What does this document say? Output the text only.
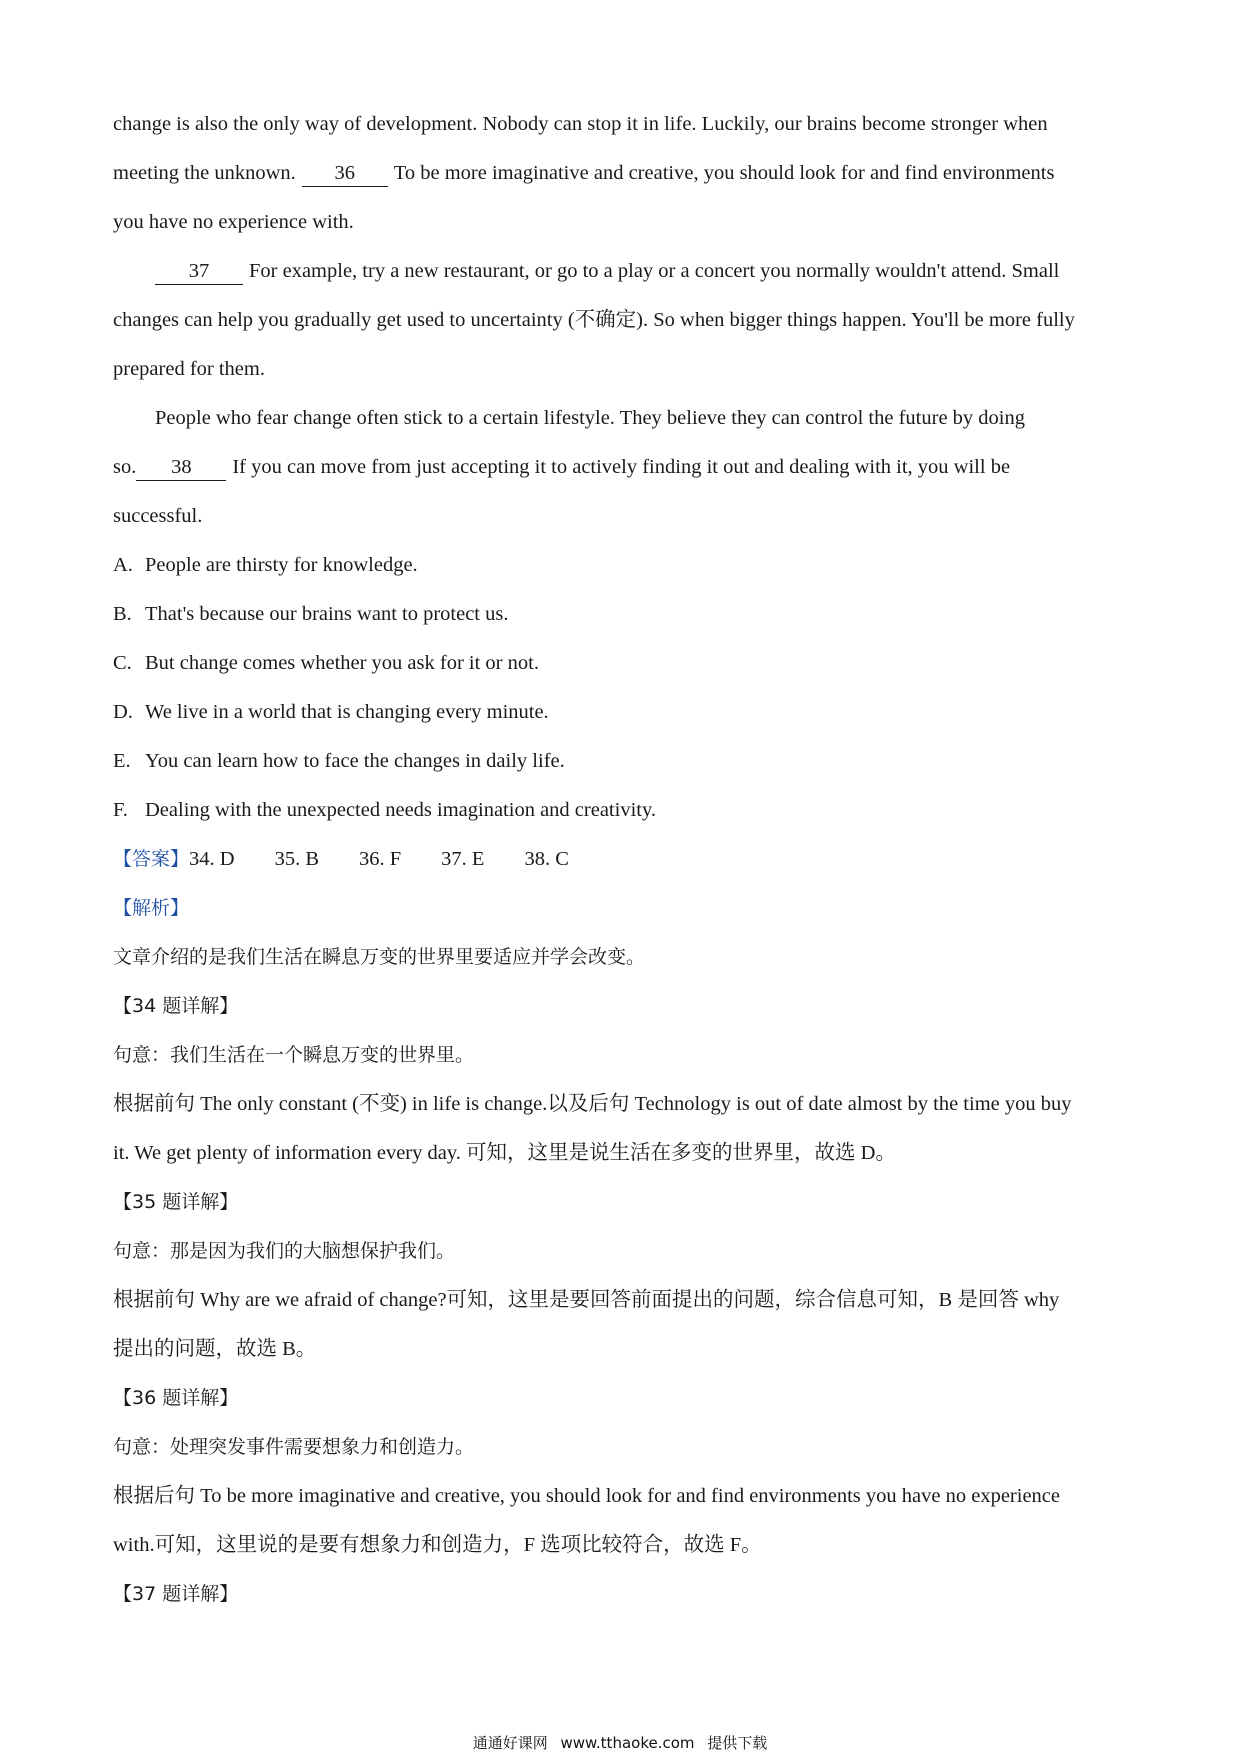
change is also the only way of development. Nobody can stop it in life. Luckily, our brains become stronger when

meeting the unknown. 36 To be more imaginative and creative, you should look for and find environments

you have no experience with.

37 For example, try a new restaurant, or go to a play or a concert you normally wouldn't attend. Small

changes can help you gradually get used to uncertainty (不确定). So when bigger things happen. You'll be more fully

prepared for them.

People who fear change often stick to a certain lifestyle. They believe they can control the future by doing

so. 38 If you can move from just accepting it to actively finding it out and dealing with it, you will be

successful.

A. People are thirsty for knowledge.

B. That's because our brains want to protect us.

C. But change comes whether you ask for it or not.

D. We live in a world that is changing every minute.

E. You can learn how to face the changes in daily life.

F. Dealing with the unexpected needs imagination and creativity.

【答案】34. D 35. B 36. F 37. E 38. C

【解析】

文章介绍的是我们生活在瞬息万变的世界里要适应并学会改变。

【34 题详解】

句意：我们生活在一个瞬息万变的世界里。

根据前句 The only constant (不变) in life is change.以及后句 Technology is out of date almost by the time you buy

it. We get plenty of information every day. 可知，这里是说生活在多变的世界里，故选 D。

【35 题详解】

句意：那是因为我们的大脑想保护我们。

根据前句 Why are we afraid of change?可知，这里是要回答前面提出的问题，综合信息可知，B 是回答 why

提出的问题，故选 B。

【36 题详解】

句意：处理突发事件需要想象力和创造力。

根据后句 To be more imaginative and creative, you should look for and find environments you have no experience

with.可知，这里说的是要有想象力和创造力，F 选项比较符合，故选 F。

【37 题详解】

通通好课网 www.tthaoke.com 提供下载
